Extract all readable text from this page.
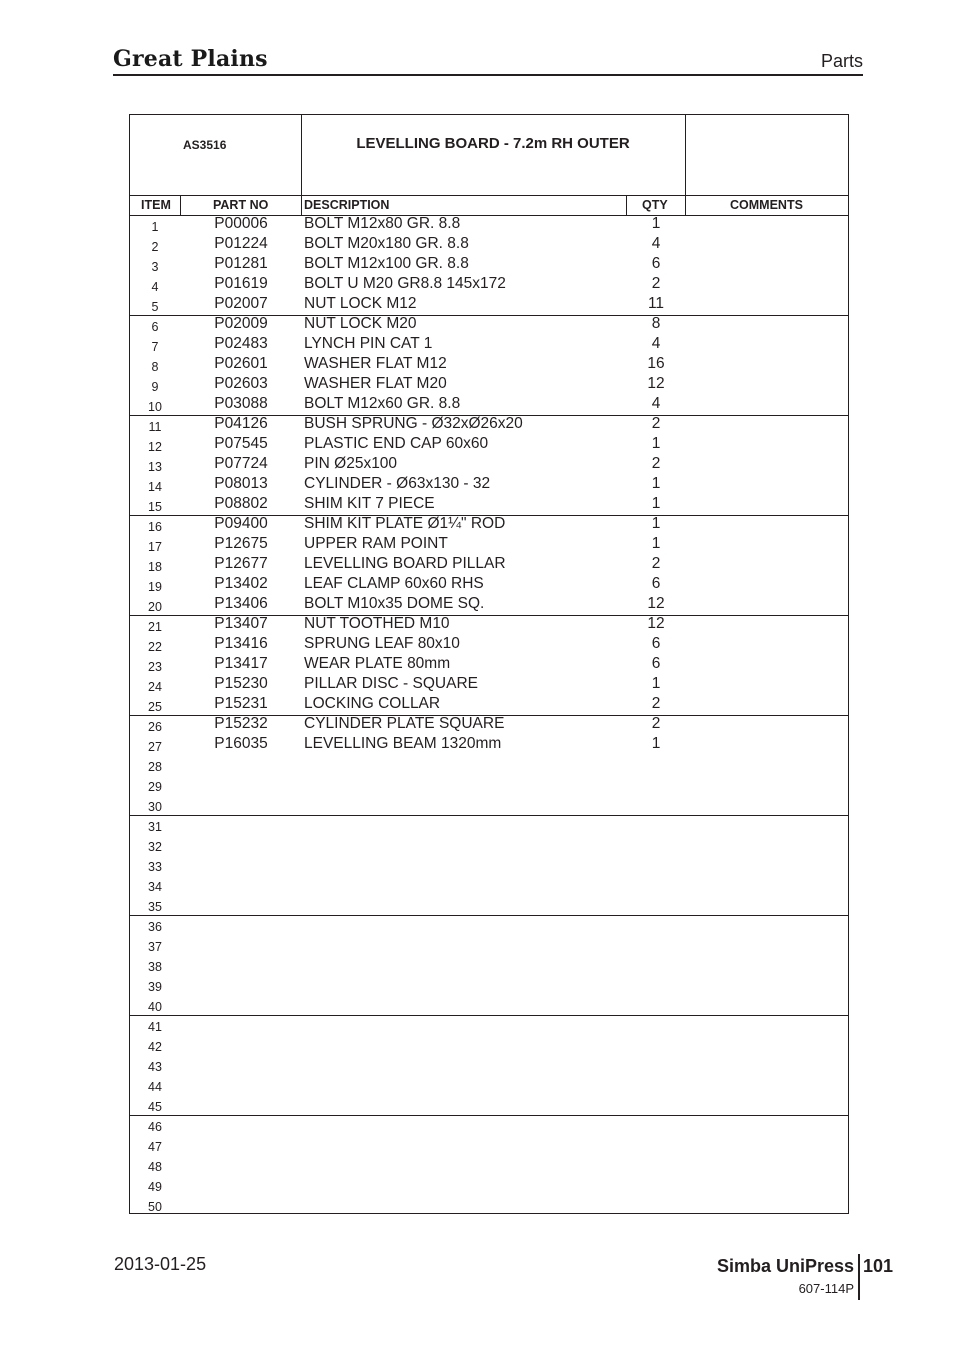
Great Plains	Parts
AS3516	LEVELLING BOARD - 7.2m RH OUTER
ITEM	PART NO	DESCRIPTION	QTY	COMMENTS
1	P00006	BOLT M12x80 GR. 8.8	1
2	P01224	BOLT M20x180 GR. 8.8	4
3	P01281	BOLT M12x100 GR. 8.8	6
4	P01619	BOLT U M20 GR8.8 145x172	2
5	P02007	NUT LOCK M12	11
6	P02009	NUT LOCK M20	8
7	P02483	LYNCH PIN CAT 1	4
8	P02601	WASHER FLAT M12	16
9	P02603	WASHER FLAT M20	12
10	P03088	BOLT M12x60 GR. 8.8	4
11	P04126	BUSH SPRUNG - Ø32xØ26x20	2
12	P07545	PLASTIC END CAP 60x60	1
13	P07724	PIN Ø25x100	2
14	P08013	CYLINDER - Ø63x130 - 32	1
15	P08802	SHIM KIT 7 PIECE	1
16	P09400	SHIM KIT PLATE Ø1¼" ROD	1
17	P12675	UPPER RAM POINT	1
18	P12677	LEVELLING BOARD PILLAR	2
19	P13402	LEAF CLAMP 60x60 RHS	6
20	P13406	BOLT M10x35 DOME SQ.	12
21	P13407	NUT TOOTHED M10	12
22	P13416	SPRUNG LEAF 80x10	6
23	P13417	WEAR PLATE 80mm	6
24	P15230	PILLAR DISC - SQUARE	1
25	P15231	LOCKING COLLAR	2
26	P15232	CYLINDER PLATE SQUARE	2
27	P16035	LEVELLING BEAM 1320mm	1
28
29
30
31
32
33
34
35
36
37
38
39
40
41
42
43
44
45
46
47
48
49
50
2013-01-25	Simba UniPress 101
607-114P
